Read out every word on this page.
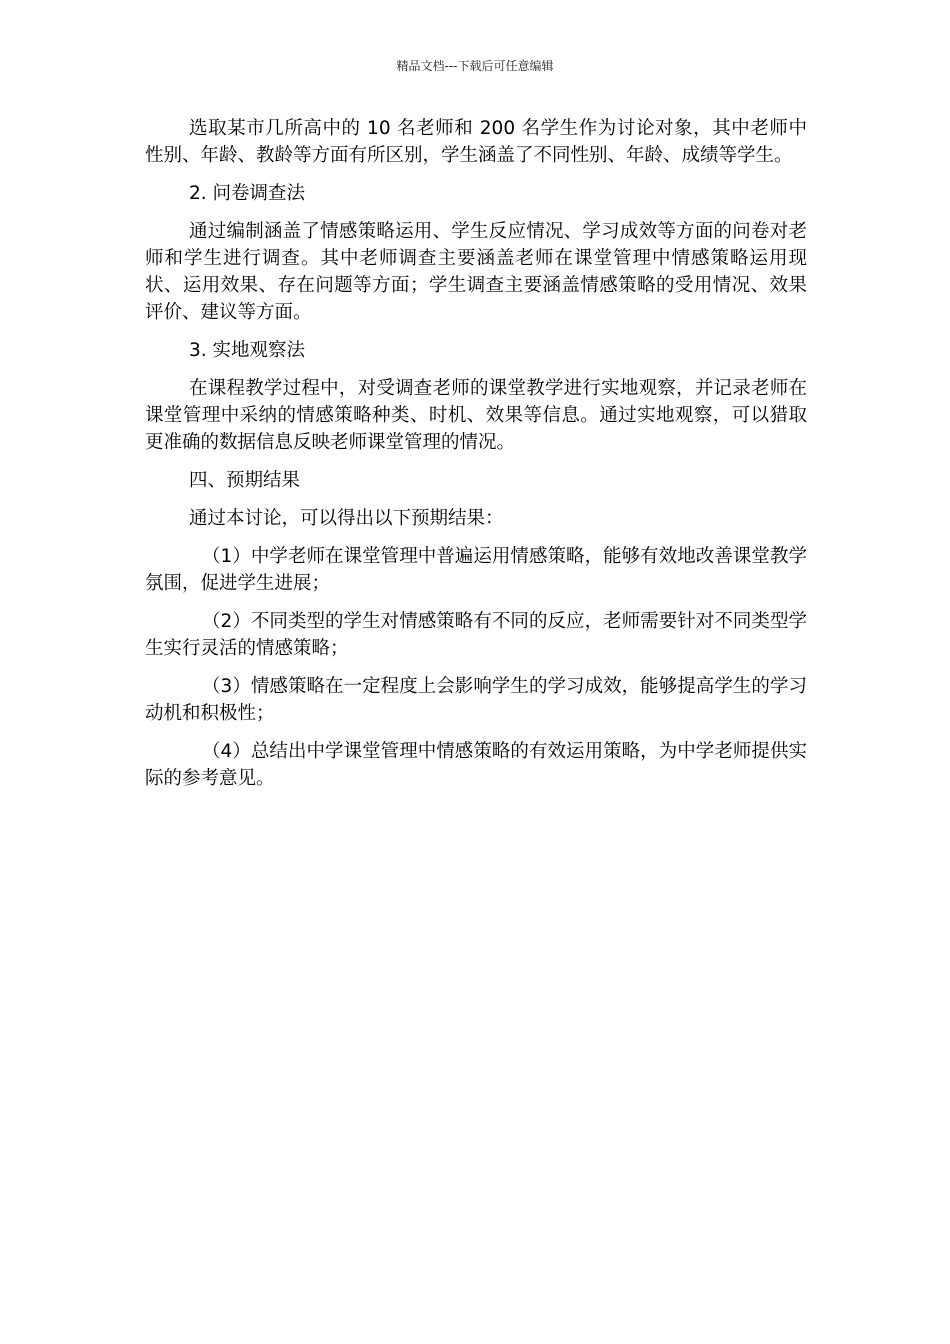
精品文档---下载后可任意编辑

选取某市几所高中的 10 名老师和 200 名学生作为讨论对象，其中老师中性别、年龄、教龄等方面有所区别，学生涵盖了不同性别、年龄、成绩等学生。

2. 问卷调查法

通过编制涵盖了情感策略运用、学生反应情况、学习成效等方面的问卷对老师和学生进行调查。其中老师调查主要涵盖老师在课堂管理中情感策略运用现状、运用效果、存在问题等方面；学生调查主要涵盖情感策略的受用情况、效果评价、建议等方面。

3. 实地观察法

在课程教学过程中，对受调查老师的课堂教学进行实地观察，并记录老师在课堂管理中采纳的情感策略种类、时机、效果等信息。通过实地观察，可以猎取更准确的数据信息反映老师课堂管理的情况。

四、预期结果

通过本讨论，可以得出以下预期结果：

（1）中学老师在课堂管理中普遍运用情感策略，能够有效地改善课堂教学氛围，促进学生进展；

（2）不同类型的学生对情感策略有不同的反应，老师需要针对不同类型学生实行灵活的情感策略；

（3）情感策略在一定程度上会影响学生的学习成效，能够提高学生的学习动机和积极性；

（4）总结出中学课堂管理中情感策略的有效运用策略，为中学老师提供实际的参考意见。
